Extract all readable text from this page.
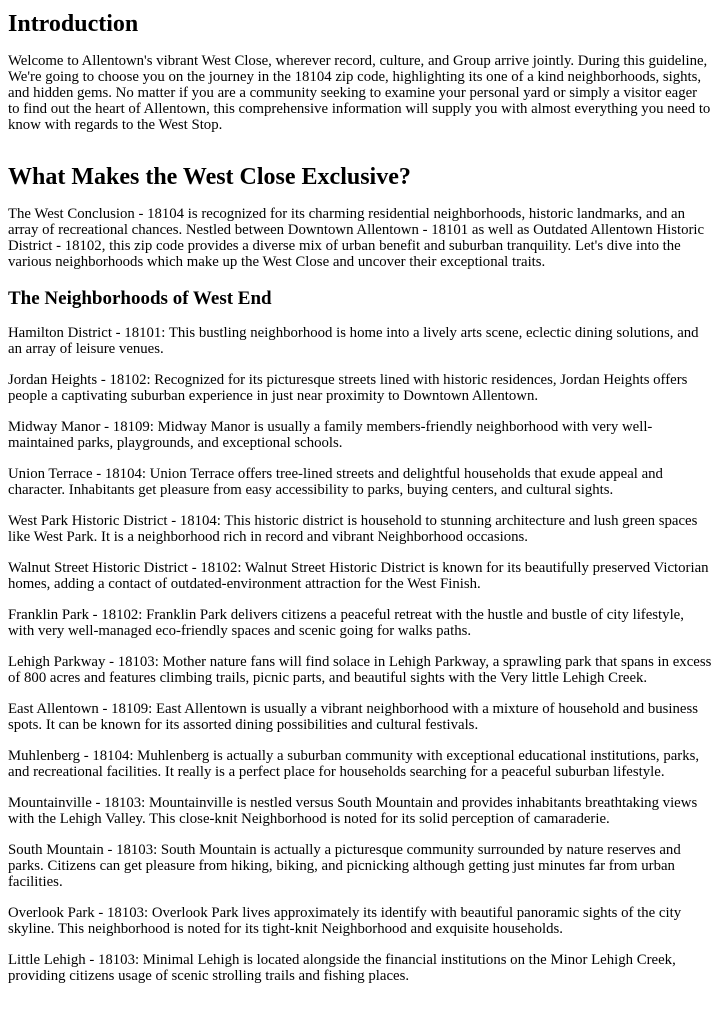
Introduction

Welcome to Allentown's vibrant West Close, wherever record, culture, and Group arrive jointly. During this guideline, We're going to choose you on the journey in the 18104 zip code, highlighting its one of a kind neighborhoods, sights, and hidden gems. No matter if you are a community seeking to examine your personal yard or simply a visitor eager to find out the heart of Allentown, this comprehensive information will supply you with almost everything you need to know with regards to the West Stop.

What Makes the West Close Exclusive?

The West Conclusion - 18104 is recognized for its charming residential neighborhoods, historic landmarks, and an array of recreational chances. Nestled between Downtown Allentown - 18101 as well as Outdated Allentown Historic District - 18102, this zip code provides a diverse mix of urban benefit and suburban tranquility. Let's dive into the various neighborhoods which make up the West Close and uncover their exceptional traits.

The Neighborhoods of West End

Hamilton District - 18101: This bustling neighborhood is home into a lively arts scene, eclectic dining solutions, and an array of leisure venues.

Jordan Heights - 18102: Recognized for its picturesque streets lined with historic residences, Jordan Heights offers people a captivating suburban experience in just near proximity to Downtown Allentown.

Midway Manor - 18109: Midway Manor is usually a family members-friendly neighborhood with very well-maintained parks, playgrounds, and exceptional schools.

Union Terrace - 18104: Union Terrace offers tree-lined streets and delightful households that exude appeal and character. Inhabitants get pleasure from easy accessibility to parks, buying centers, and cultural sights.

West Park Historic District - 18104: This historic district is household to stunning architecture and lush green spaces like West Park. It is a neighborhood rich in record and vibrant Neighborhood occasions.

Walnut Street Historic District - 18102: Walnut Street Historic District is known for its beautifully preserved Victorian homes, adding a contact of outdated-environment attraction for the West Finish.

Franklin Park - 18102: Franklin Park delivers citizens a peaceful retreat with the hustle and bustle of city lifestyle, with very well-managed eco-friendly spaces and scenic going for walks paths.

Lehigh Parkway - 18103: Mother nature fans will find solace in Lehigh Parkway, a sprawling park that spans in excess of 800 acres and features climbing trails, picnic parts, and beautiful sights with the Very little Lehigh Creek.

East Allentown - 18109: East Allentown is usually a vibrant neighborhood with a mixture of household and business spots. It can be known for its assorted dining possibilities and cultural festivals.

Muhlenberg - 18104: Muhlenberg is actually a suburban community with exceptional educational institutions, parks, and recreational facilities. It really is a perfect place for households searching for a peaceful suburban lifestyle.

Mountainville - 18103: Mountainville is nestled versus South Mountain and provides inhabitants breathtaking views with the Lehigh Valley. This close-knit Neighborhood is noted for its solid perception of camaraderie.

South Mountain - 18103: South Mountain is actually a picturesque community surrounded by nature reserves and parks. Citizens can get pleasure from hiking, biking, and picnicking although getting just minutes far from urban facilities.

Overlook Park - 18103: Overlook Park lives approximately its identify with beautiful panoramic sights of the city skyline. This neighborhood is noted for its tight-knit Neighborhood and exquisite households.

Little Lehigh - 18103: Minimal Lehigh is located alongside the financial institutions on the Minor Lehigh Creek, providing citizens usage of scenic strolling trails and fishing places.
